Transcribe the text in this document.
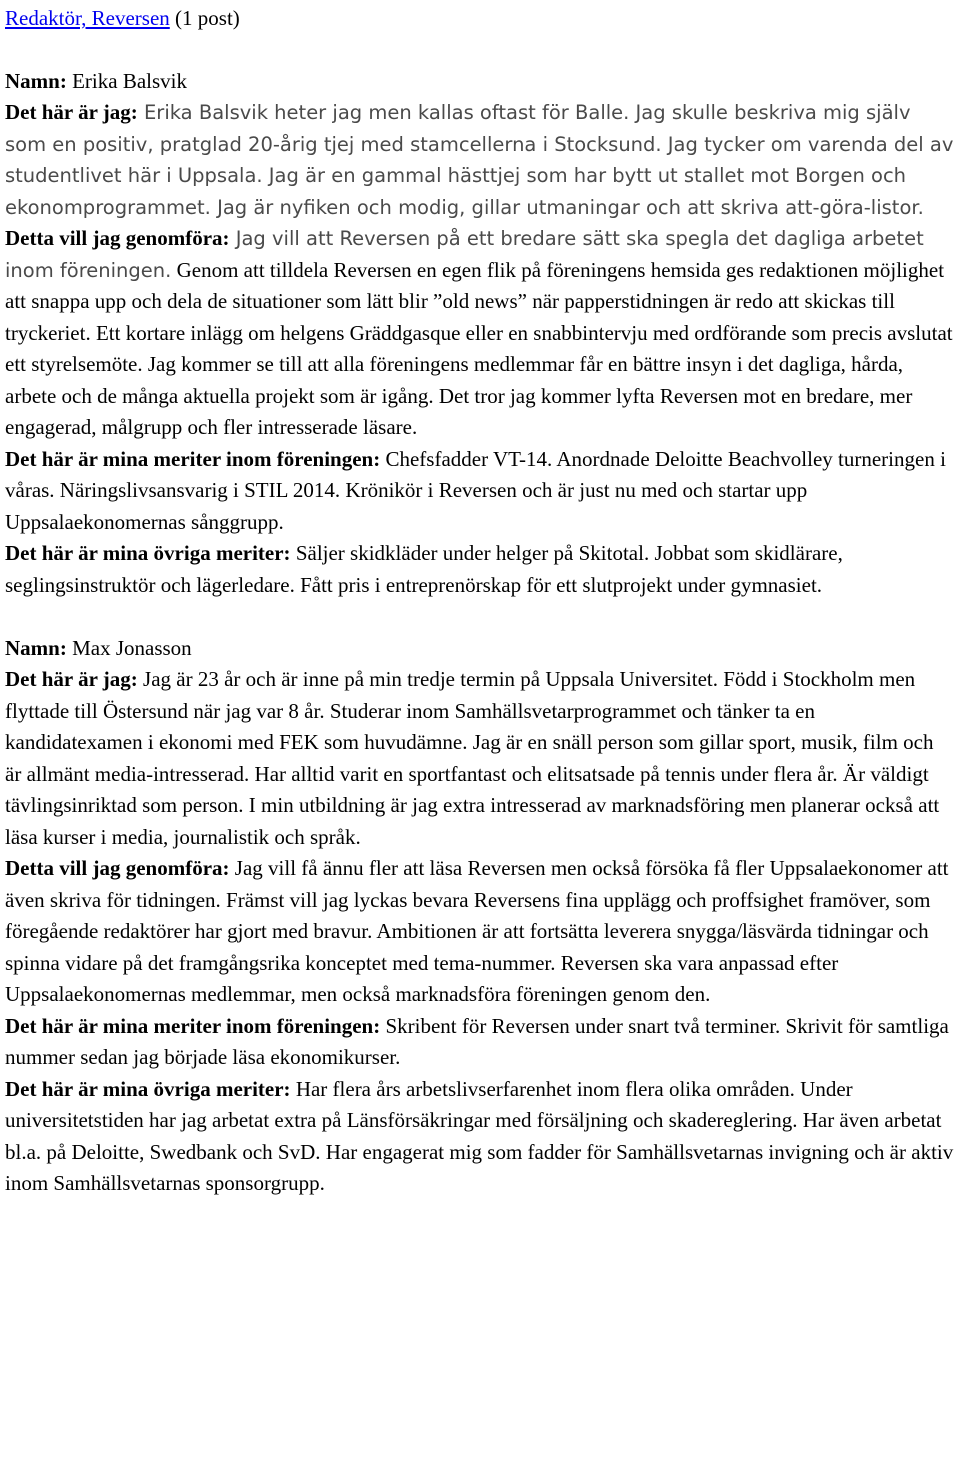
Redaktör, Reversen (1 post)

Namn: Erika Balsvik

Det här är jag: Erika Balsvik heter jag men kallas oftast för Balle. Jag skulle beskriva mig själv som en positiv, pratglad 20-årig tjej med stamcellerna i Stocksund. Jag tycker om varenda del av studentlivet här i Uppsala. Jag är en gammal hästtjej som har bytt ut stallet mot Borgen och ekonomprogrammet. Jag är nyfiken och modig, gillar utmaningar och att skriva att-göra-listor.

Detta vill jag genomföra: Jag vill att Reversen på ett bredare sätt ska spegla det dagliga arbetet inom föreningen. Genom att tilldela Reversen en egen flik på föreningens hemsida ges redaktionen möjlighet att snappa upp och dela de situationer som lätt blir ”old news” när papperstidningen är redo att skickas till tryckeriet. Ett kortare inlägg om helgens Gräddgasque eller en snabbintervju med ordförande som precis avslutat ett styrelsemöte. Jag kommer se till att alla föreningens medlemmar får en bättre insyn i det dagliga, hårda, arbete och de många aktuella projekt som är igång. Det tror jag kommer lyfta Reversen mot en bredare, mer engagerad, målgrupp och fler intresserade läsare.

Det här är mina meriter inom föreningen: Chefsfadder VT-14. Anordnade Deloitte Beachvolley turneringen i våras. Näringslivsansvarig i STIL 2014. Krönikör i Reversen och är just nu med och startar upp Uppsalaekonomernas sånggrupp.

Det här är mina övriga meriter: Säljer skidkläder under helger på Skitotal. Jobbat som skidlärare, seglingsinstruktör och lägerledare. Fått pris i entreprenörskap för ett slutprojekt under gymnasiet.

Namn: Max Jonasson

Det här är jag: Jag är 23 år och är inne på min tredje termin på Uppsala Universitet. Född i Stockholm men flyttade till Östersund när jag var 8 år. Studerar inom Samhällsvetarprogrammet och tänker ta en kandidatexamen i ekonomi med FEK som huvudämne. Jag är en snäll person som gillar sport, musik, film och är allmänt media-intresserad. Har alltid varit en sportfantast och elitsatsade på tennis under flera år. Är väldigt tävlingsinriktad som person. I min utbildning är jag extra intresserad av marknadsföring men planerar också att läsa kurser i media, journalistik och språk.

Detta vill jag genomföra: Jag vill få ännu fler att läsa Reversen men också försöka få fler Uppsalaekonomer att även skriva för tidningen. Främst vill jag lyckas bevara Reversens fina upplägg och proffsighet framöver, som föregående redaktörer har gjort med bravur. Ambitionen är att fortsätta leverera snygga/läsvärda tidningar och spinna vidare på det framgångsrika konceptet med tema-nummer. Reversen ska vara anpassad efter Uppsalaekonomernas medlemmar, men också marknadsföra föreningen genom den.

Det här är mina meriter inom föreningen: Skribent för Reversen under snart två terminer. Skrivit för samtliga nummer sedan jag började läsa ekonomikurser.

Det här är mina övriga meriter: Har flera års arbetslivserfarenhet inom flera olika områden. Under universitetstiden har jag arbetat extra på Länsförsäkringar med försäljning och skadereglering. Har även arbetat bl.a. på Deloitte, Swedbank och SvD. Har engagerat mig som fadder för Samhällsvetarnas invigning och är aktiv inom Samhällsvetarnas sponsorgrupp.
